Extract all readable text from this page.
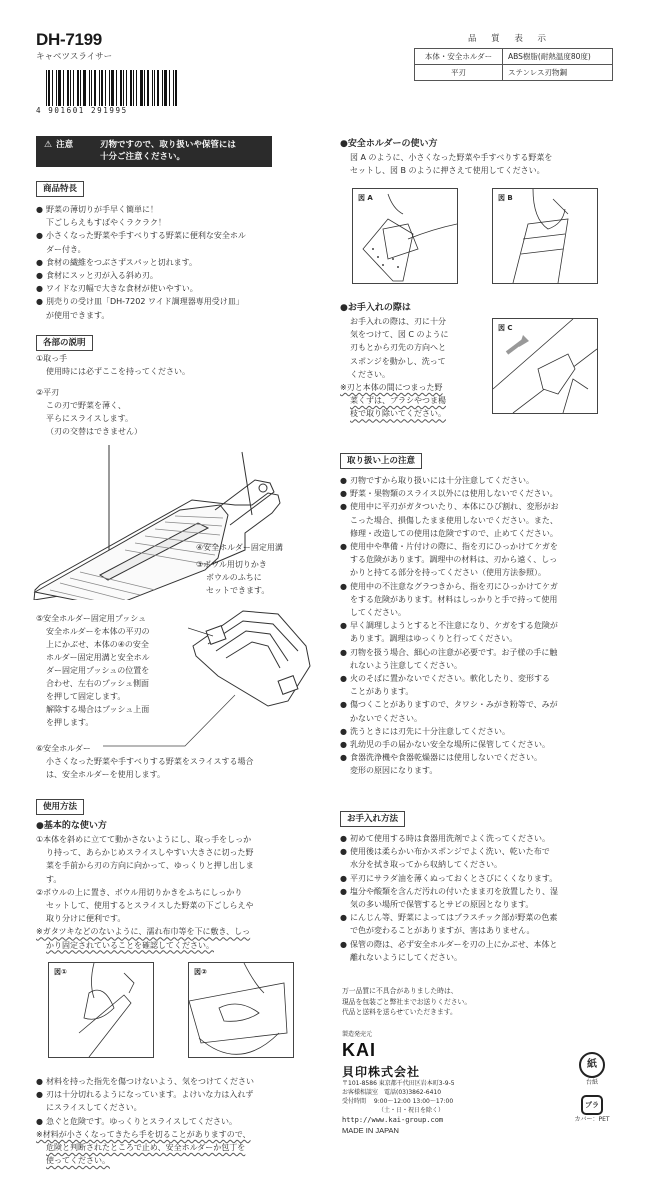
DH-7199
キャベツスライサー
4 901601 291995
⚠ 注意	刃物ですので、取り扱いや保管には
十分ご注意ください。
商品特長
● 野菜の薄切りが手早く簡単に！
下ごしらえもすばやくラクラク！
● 小さくなった野菜や手すべりする野菜に便利な安全ホル
ダー付き。
● 食材の繊維をつぶさずスパッと切れます。
● 食材にスッと刃が入る斜め刃。
● ワイドな刃幅で大きな食材が使いやすい。
● 別売りの受け皿「DH-7202 ワイド調理器専用受け皿」
が使用できます。
各部の説明
①取っ手
使用時には必ずここを持ってください。
②平刃
この刃で野菜を薄く、
平らにスライスします。
（刃の交替はできません）
④安全ホルダー固定用溝
③ボウル用切りかき
ボウルのふちに
セットできます。
⑤安全ホルダー固定用プッシュ
安全ホルダーを本体の平刃の
上にかぶせ、本体の④の安全
ホルダー固定用溝と安全ホル
ダー固定用プッシュの位置を
合わせ、左右のプッシュ側面
を押して固定します。
解除する場合はプッシュ上面
を押します。
⑥安全ホルダー
小さくなった野菜や手すべりする野菜をスライスする場合
は、安全ホルダーを使用します。
使用方法
●基本的な使い方
①本体を斜めに立てて動かさないようにし、取っ手をしっか
り持って、あらかじめスライスしやすい大きさに切った野
菜を手前から刃の方向に向かって、ゆっくりと押し出しま
す。
②ボウルの上に置き、ボウル用切りかきをふちにしっかり
セットして、使用するとスライスした野菜の下ごしらえや
取り分けに便利です。
※ガタツキなどのないように、濡れ布巾等を下に敷き、しっ
かり固定されていることを確認してください。
図①	図②
● 材料を持った指先を傷つけないよう、気をつけてください
● 刃は十分切れるようになっています。よけいな力は入れず
にスライスしてください。
● 急ぐと危険です。ゆっくりとスライスしてください。
※材料が小さくなってきたら手を切ることがありますので、
危険と判断されたところで止め、安全ホルダーか包丁を
使ってください。
品 質 表 示
本体・安全ホルダー	ABS樹脂(耐熱温度80度)
平刃	ステンレス刃物鋼
●安全ホルダーの使い方
図 A のように、小さくなった野菜や手すべりする野菜を
セットし、図 B のように押さえて使用してください。
図 A	図 B
●お手入れの際は
お手入れの際は、刃に十分
気をつけて、図 C のように
刃もとから刃先の方向へと
スポンジを動かし、洗って
ください。
※刃と本体の間につまった野
菜くずは、ブラシやつま楊
枝で取り除いてください。
図 C
取り扱い上の注意
● 刃物ですから取り扱いには十分注意してください。
● 野菜・果物類のスライス以外には使用しないでください。
● 使用中に平刃がガタついたり、本体にひび割れ、変形がお
こった場合、損傷したまま使用しないでください。また、
修理・改造しての使用は危険ですので、止めてください。
● 使用中や準備・片付けの際に、指を刃にひっかけてケガを
する危険があります。調理中の材料は、刃から遠く、しっ
かりと持てる部分を持ってください（使用方法参照）。
● 使用中の不注意なグラつきから、指を刃にひっかけてケガ
をする危険があります。材料はしっかりと手で持って使用
してください。
● 早く調理しようとすると不注意になり、ケガをする危険が
あります。調理はゆっくりと行ってください。
● 刃物を扱う場合、細心の注意が必要です。お子様の手に触
れないよう注意してください。
● 火のそばに置かないでください。軟化したり、変形する
ことがあります。
● 傷つくことがありますので、タワシ・みがき粉等で、みが
かないでください。
● 洗うときには刃先に十分注意してください。
● 乳幼児の手の届かない安全な場所に保管してください。
● 食器洗浄機や食器乾燥器には使用しないでください。
変形の原因になります。
お手入れ方法
● 初めて使用する時は食器用洗剤でよく洗ってください。
● 使用後は柔らかい布かスポンジでよく洗い、乾いた布で
水分を拭き取ってから収納してください。
● 平刃にサラダ油を薄くぬっておくとさびにくくなります。
● 塩分や酸類を含んだ汚れの付いたまま刃を放置したり、湿
気の多い場所で保管するとサビの原因となります。
● にんじん等、野菜によってはプラスチック部が野菜の色素
で色が変わることがありますが、害はありません。
● 保管の際は、必ず安全ホルダーを刃の上にかぶせ、本体と
離れないようにしてください。
万一品質に不具合がありました時は、
現品を包装ごと弊社までお送りください。
代品と送料を送らせていただきます。
製造発売元
KAI
貝印株式会社
〒101-8586 東京都千代田区岩本町3-9-5
お客様相談室　電話(03)3862-6410
受付時間　 9:00〜12:00 13:00〜17:00
（土・日・祝日を除く）
http://www.kai-group.com
MADE IN JAPAN
紙
台紙
プラ
カバー：PET
